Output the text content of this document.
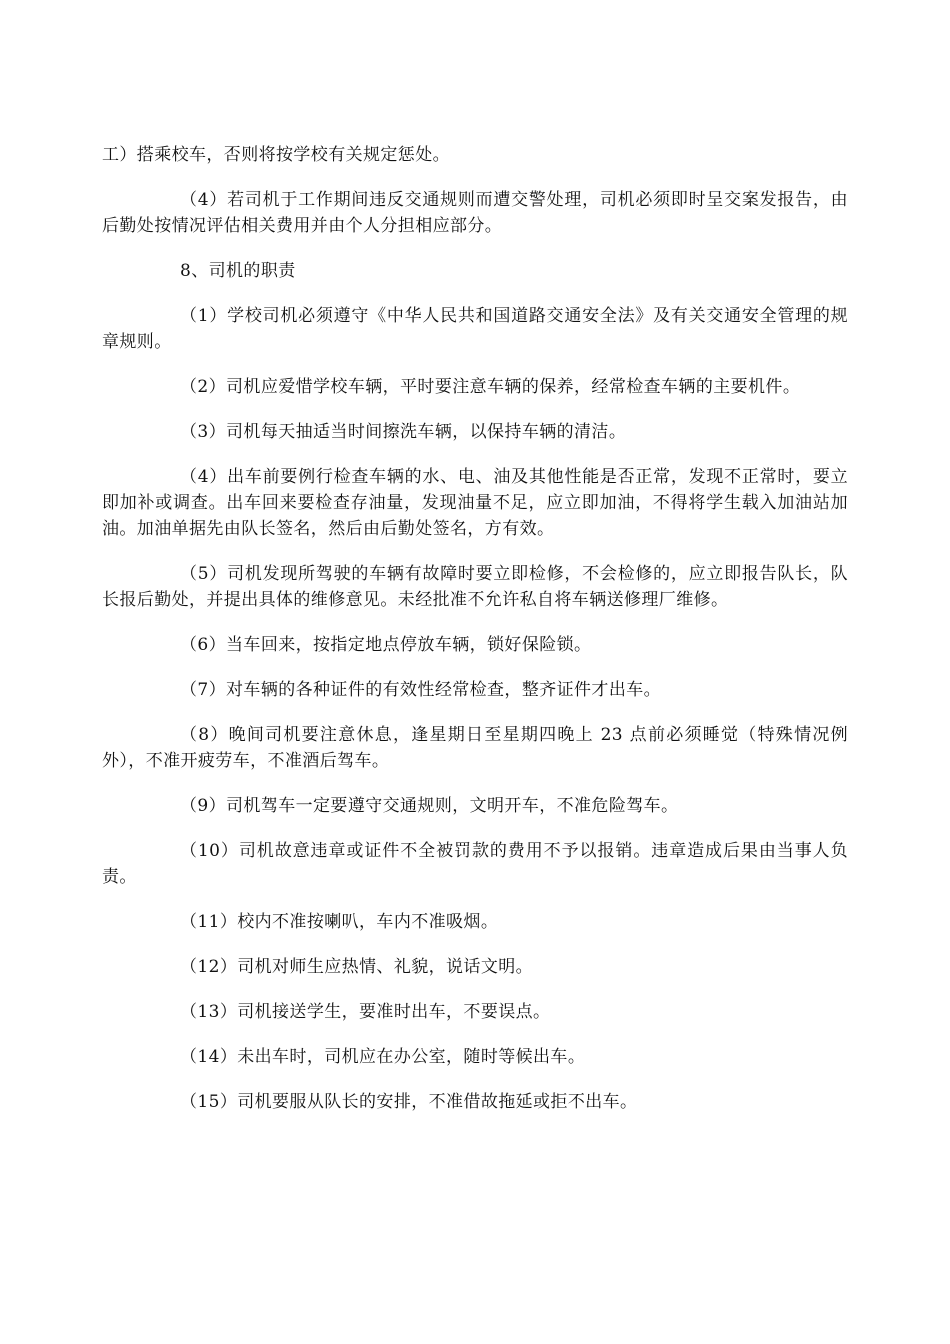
工）搭乘校车，否则将按学校有关规定惩处。

（4）若司机于工作期间违反交通规则而遭交警处理，司机必须即时呈交案发报告，由后勤处按情况评估相关费用并由个人分担相应部分。

8、司机的职责

（1）学校司机必须遵守《中华人民共和国道路交通安全法》及有关交通安全管理的规章规则。

（2）司机应爱惜学校车辆，平时要注意车辆的保养，经常检查车辆的主要机件。

（3）司机每天抽适当时间擦洗车辆，以保持车辆的清洁。

（4）出车前要例行检查车辆的水、电、油及其他性能是否正常，发现不正常时，要立即加补或调查。出车回来要检查存油量，发现油量不足，应立即加油，不得将学生载入加油站加油。加油单据先由队长签名，然后由后勤处签名，方有效。

（5）司机发现所驾驶的车辆有故障时要立即检修，不会检修的，应立即报告队长，队长报后勤处，并提出具体的维修意见。未经批准不允许私自将车辆送修理厂维修。

（6）当车回来，按指定地点停放车辆，锁好保险锁。

（7）对车辆的各种证件的有效性经常检查，整齐证件才出车。

（8）晚间司机要注意休息，逢星期日至星期四晚上 23 点前必须睡觉（特殊情况例外），不准开疲劳车，不准酒后驾车。

（9）司机驾车一定要遵守交通规则，文明开车，不准危险驾车。

（10）司机故意违章或证件不全被罚款的费用不予以报销。违章造成后果由当事人负责。

（11）校内不准按喇叭，车内不准吸烟。

（12）司机对师生应热情、礼貌，说话文明。

（13）司机接送学生，要准时出车，不要误点。

（14）未出车时，司机应在办公室，随时等候出车。

（15）司机要服从队长的安排，不准借故拖延或拒不出车。
